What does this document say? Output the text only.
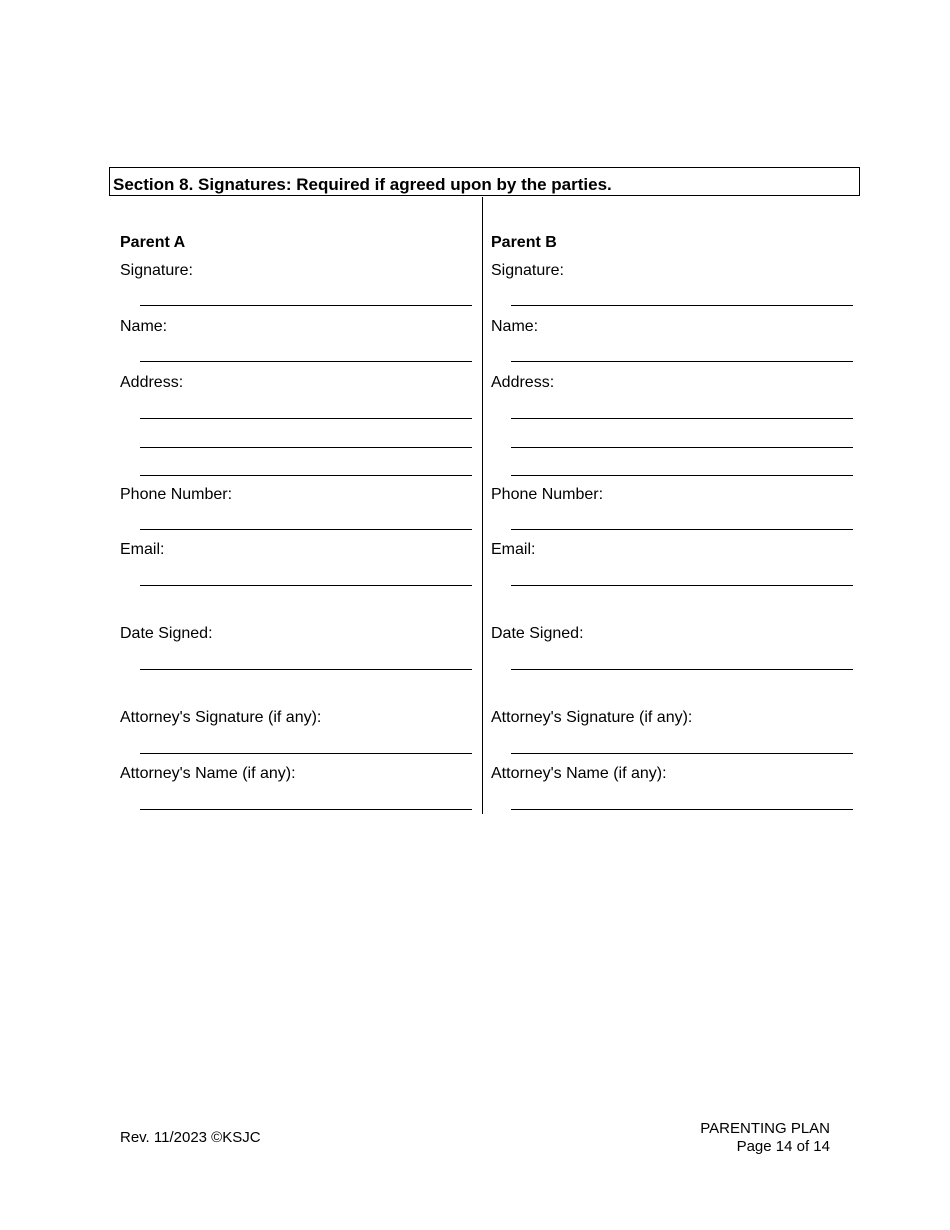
Section 8. Signatures: Required if agreed upon by the parties.
Parent A
Signature:
Name:
Address:
Phone Number:
Email:
Date Signed:
Attorney's Signature (if any):
Attorney's Name (if any):
Parent B
Signature:
Name:
Address:
Phone Number:
Email:
Date Signed:
Attorney's Signature (if any):
Attorney's Name (if any):
Rev. 11/2023 ©KSJC
PARENTING PLAN
Page 14 of 14
